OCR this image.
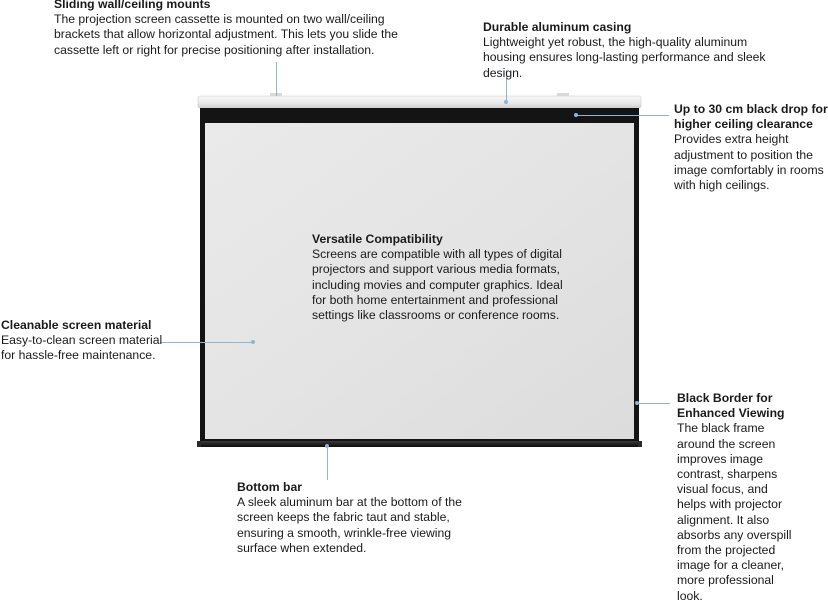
Sliding wall/ceiling mounts
The projection screen cassette is mounted on two wall/ceiling brackets that allow horizontal adjustment. This lets you slide the cassette left or right for precise positioning after installation.
Durable aluminum casing
Lightweight yet robust, the high-quality aluminum housing ensures long-lasting performance and sleek design.
Up to 30 cm black drop for higher ceiling clearance
Provides extra height adjustment to position the image comfortably in rooms with high ceilings.
Versatile Compatibility
Screens are compatible with all types of digital projectors and support various media formats, including movies and computer graphics. Ideal for both home entertainment and professional settings like classrooms or conference rooms.
Cleanable screen material
Easy-to-clean screen material for hassle-free maintenance.
Black Border for Enhanced Viewing
The black frame around the screen improves image contrast, sharpens visual focus, and helps with projector alignment. It also absorbs any overspill from the projected image for a cleaner, more professional look.
Bottom bar
A sleek aluminum bar at the bottom of the screen keeps the fabric taut and stable, ensuring a smooth, wrinkle-free viewing surface when extended.
